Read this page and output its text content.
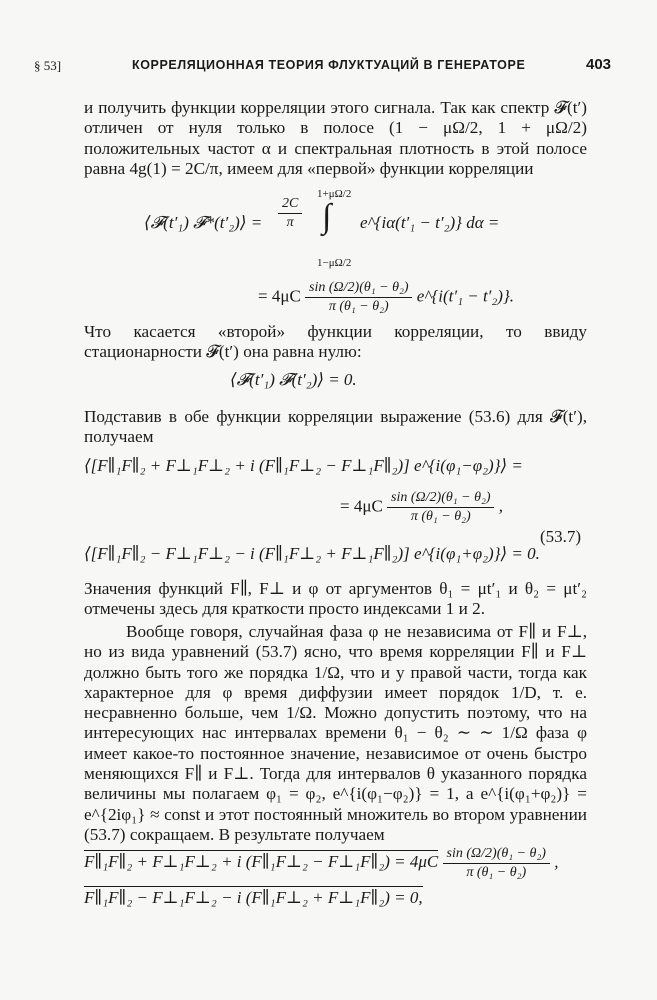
§ 53]	КОРРЕЛЯЦИОННАЯ ТЕОРИЯ ФЛУКТУАЦИЙ В ГЕНЕРАТОРЕ	403
и получить функции корреляции этого сигнала. Так как спектр 𝓕(t′) отличен от нуля только в полосе (1 − μΩ/2, 1 + μΩ/2) положительных частот α и спектральная плотность в этой полосе равна 4g(1) = 2C/π, имеем для «первой» функции корреляции
⟨𝓕(t′₁) 𝓕*(t′₂)⟩ = $\frac{2C}{\pi}$
1+μΩ/2
∫
1−μΩ/2
e^{iα(t′₁ − t′₂)} dα =
= $4\mu C \frac{\text{sin (Ω/2)(θ₁ − θ₂)}}{\text{π (θ₁ − θ₂)}}$ e^{i(t′₁ − t′₂)}.
Что касается «второй» функции корреляции, то ввиду стационарности 𝓕(t′) она равна нулю:
⟨𝓕(t′₁) 𝓕(t′₂)⟩ = 0.
Подставив в обе функции корреляции выражение (53.6) для 𝓕(t′), получаем
⟨[F∥₁F∥₂ + F⊥₁F⊥₂ + i (F∥₁F⊥₂ − F⊥₁F∥₂)] e^{i(φ₁−φ₂)}⟩ =
= $4\mu C \frac{\text{sin (Ω/2)(θ₁ − θ₂)}}{\text{π (θ₁ − θ₂)}}$ ,
⟨[F∥₁F∥₂ − F⊥₁F⊥₂ − i (F∥₁F⊥₂ + F⊥₁F∥₂)] e^{i(φ₁+φ₂)}⟩ = 0.
(53.7)
Значения функций F∥, F⊥ и φ от аргументов θ₁ = μt′₁ и θ₂ = μt′₂ отмечены здесь для краткости просто индексами 1 и 2.
Вообще говоря, случайная фаза φ не независима от F∥ и F⊥, но из вида уравнений (53.7) ясно, что время корреляции F∥ и F⊥ должно быть того же порядка 1/Ω, что и у правой части, тогда как характерное для φ время диффузии имеет порядок 1/D, т. е. несравненно больше, чем 1/Ω. Можно допустить поэтому, что на интересующих нас интервалах времени θ₁ − θ₂ ∼ ∼ 1/Ω фаза φ имеет какое-то постоянное значение, независимое от очень быстро меняющихся F∥ и F⊥. Тогда для интервалов θ указанного порядка величины мы полагаем φ₁ = φ₂, e^{i(φ₁−φ₂)} = 1, а e^{i(φ₁+φ₂)} = e^{2iφ₁} ≈ const и этот постоянный множитель во втором уравнении (53.7) сокращаем. В результате получаем
F∥₁F∥₂ + F⊥₁F⊥₂ + i (F∥₁F⊥₂ − F⊥₁F∥₂) = $4\mu C \frac{\text{sin (Ω/2)(θ₁ − θ₂)}}{\text{π (θ₁ − θ₂)}}$ ,
F∥₁F∥₂ − F⊥₁F⊥₂ − i (F∥₁F⊥₂ + F⊥₁F∥₂) = 0,
